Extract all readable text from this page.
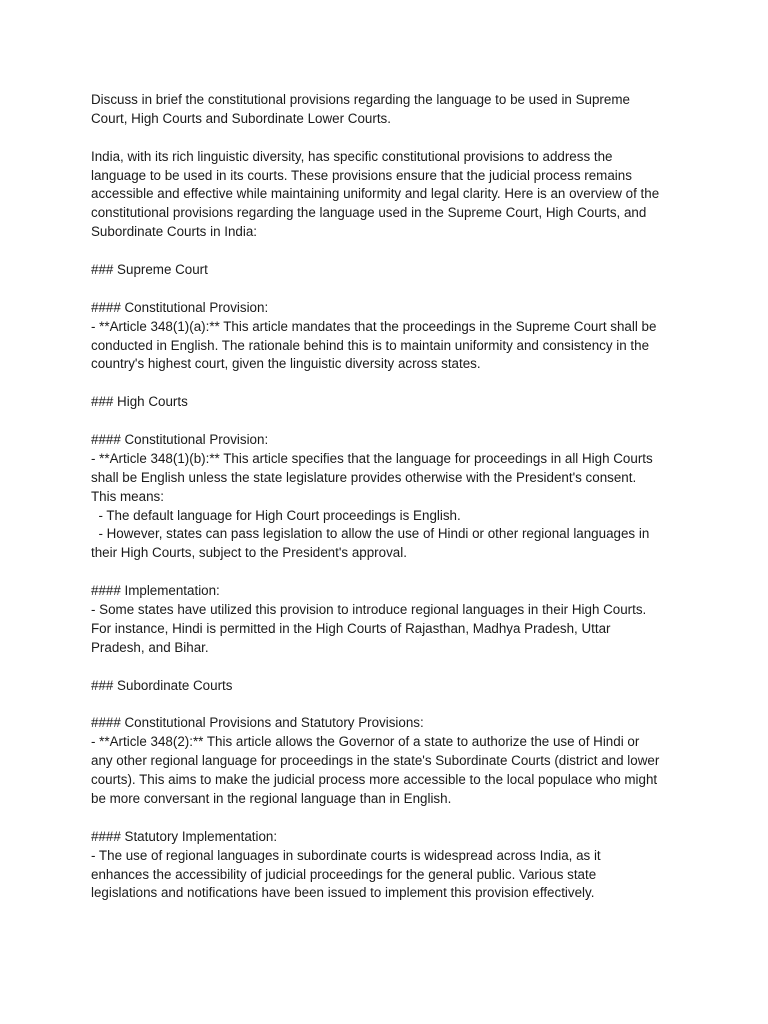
Discuss in brief the constitutional provisions regarding the language to be used in Supreme
Court, High Courts and Subordinate Lower Courts.
India, with its rich linguistic diversity, has specific constitutional provisions to address the
language to be used in its courts. These provisions ensure that the judicial process remains
accessible and effective while maintaining uniformity and legal clarity. Here is an overview of the
constitutional provisions regarding the language used in the Supreme Court, High Courts, and
Subordinate Courts in India:
### Supreme Court
#### Constitutional Provision:
- **Article 348(1)(a):** This article mandates that the proceedings in the Supreme Court shall be
conducted in English. The rationale behind this is to maintain uniformity and consistency in the
country's highest court, given the linguistic diversity across states.
### High Courts
#### Constitutional Provision:
- **Article 348(1)(b):** This article specifies that the language for proceedings in all High Courts
shall be English unless the state legislature provides otherwise with the President's consent.
This means:
- The default language for High Court proceedings is English.
- However, states can pass legislation to allow the use of Hindi or other regional languages in
their High Courts, subject to the President's approval.
#### Implementation:
- Some states have utilized this provision to introduce regional languages in their High Courts.
For instance, Hindi is permitted in the High Courts of Rajasthan, Madhya Pradesh, Uttar
Pradesh, and Bihar.
### Subordinate Courts
#### Constitutional Provisions and Statutory Provisions:
- **Article 348(2):** This article allows the Governor of a state to authorize the use of Hindi or
any other regional language for proceedings in the state's Subordinate Courts (district and lower
courts). This aims to make the judicial process more accessible to the local populace who might
be more conversant in the regional language than in English.
#### Statutory Implementation:
- The use of regional languages in subordinate courts is widespread across India, as it
enhances the accessibility of judicial proceedings for the general public. Various state
legislations and notifications have been issued to implement this provision effectively.
